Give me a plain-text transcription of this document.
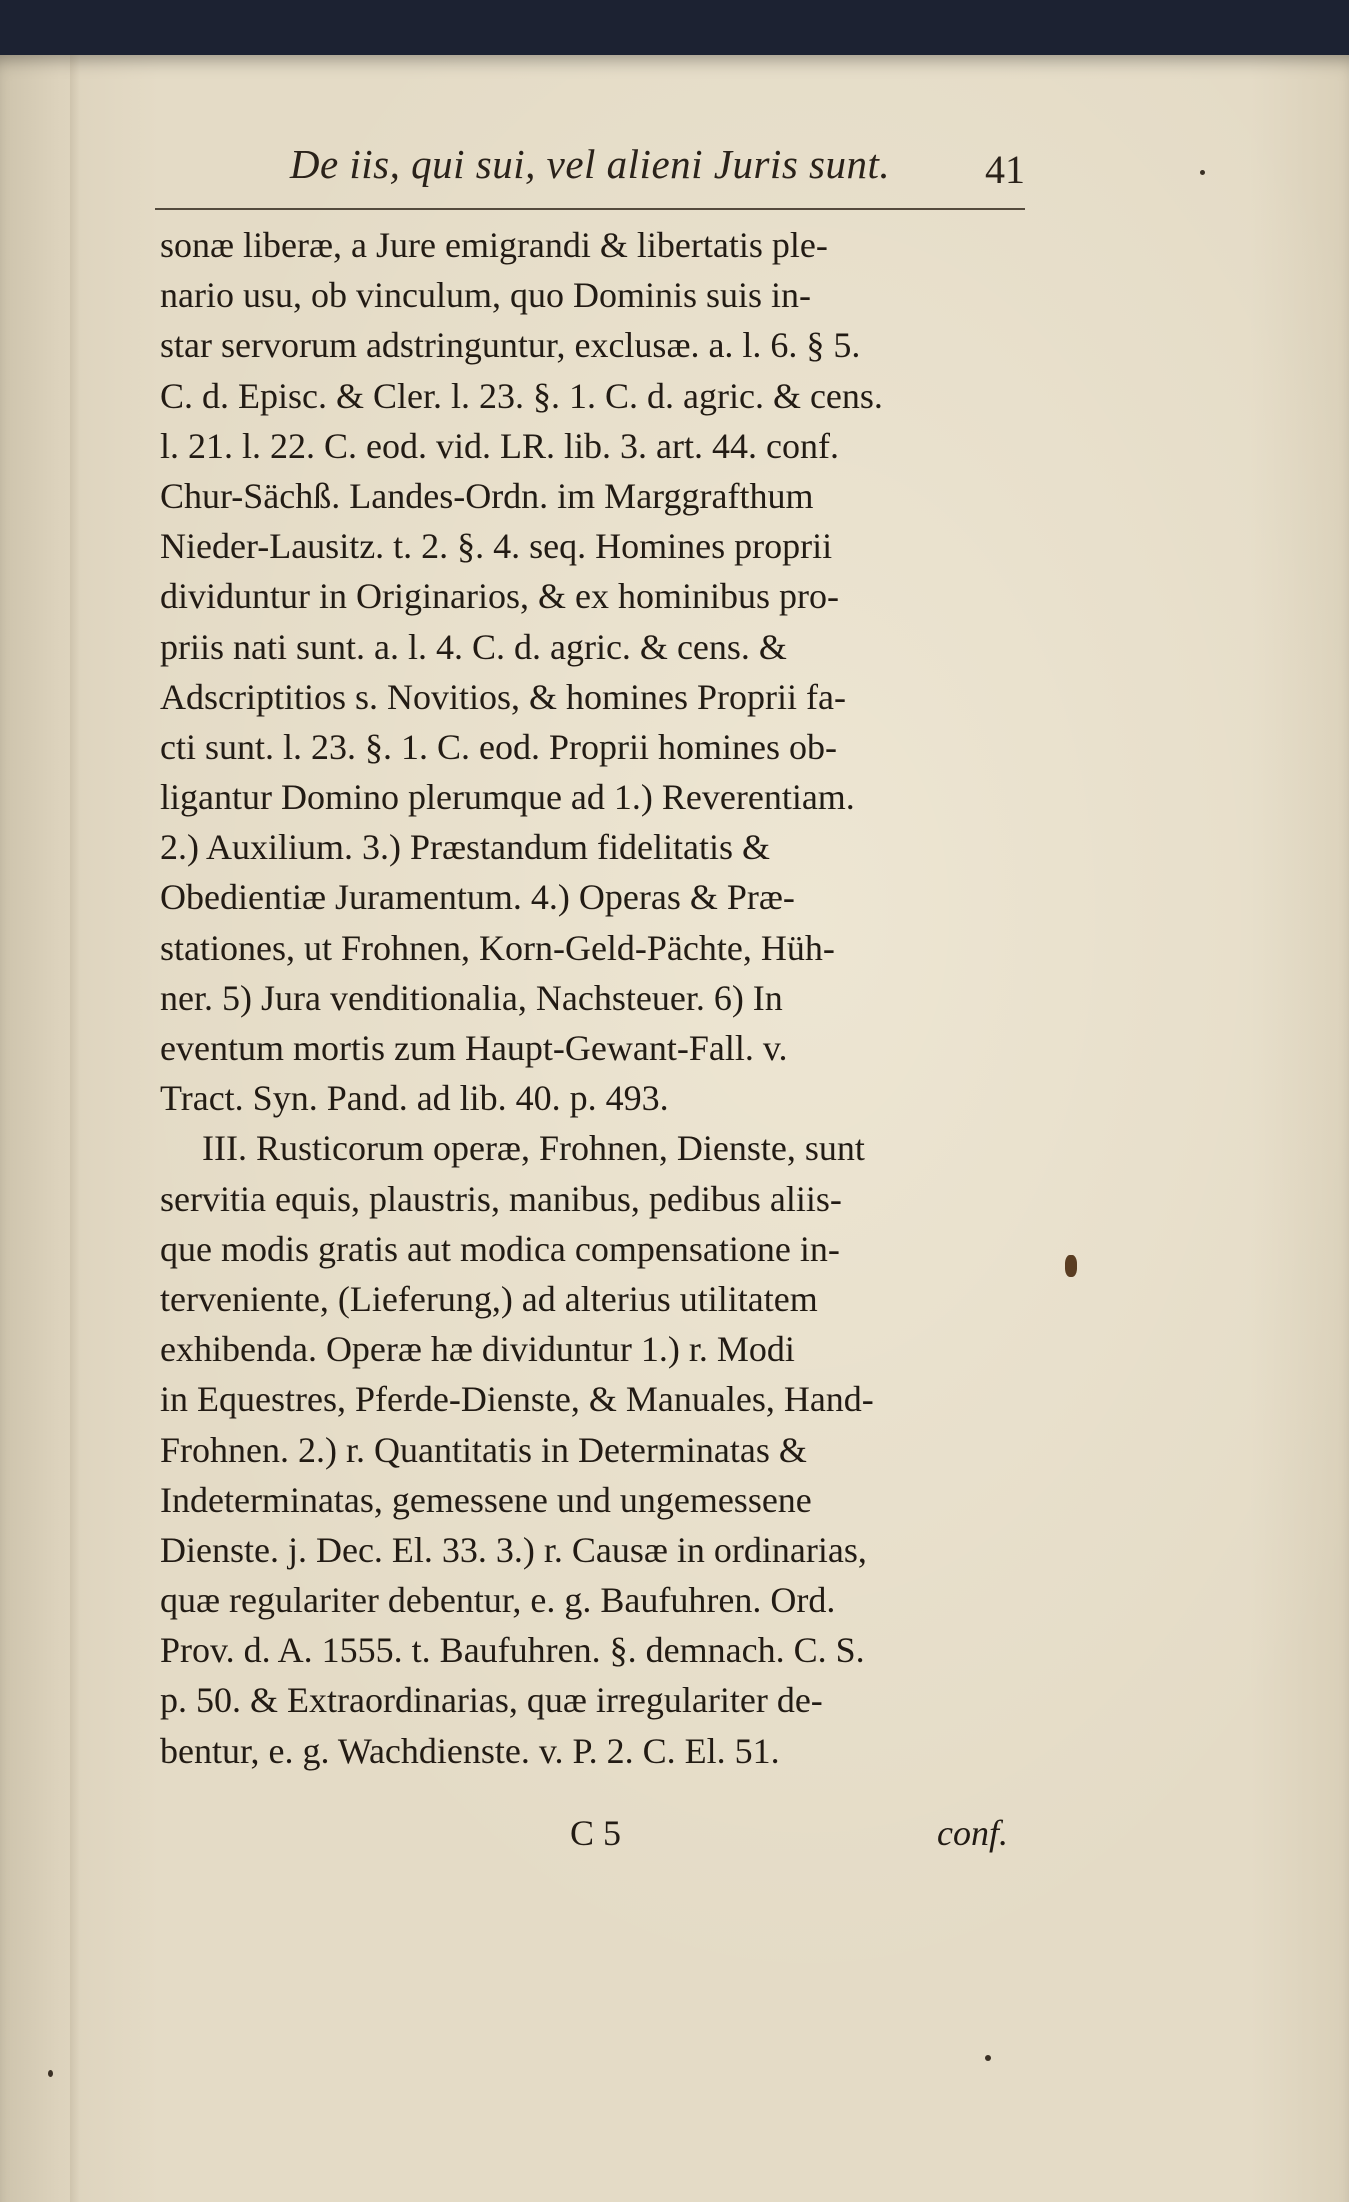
De iis, qui sui, vel alieni Juris sunt.	41
sonæ liberæ, a Jure emigrandi & libertatis ple-
nario usu, ob vinculum, quo Dominis suis in-
star servorum adstringuntur, exclusæ. a. l. 6. § 5.
C. d. Episc. & Cler. l. 23. §. 1. C. d. agric. & cens.
l. 21. l. 22. C. eod. vid. LR. lib. 3. art. 44. conf.
Chur-Sächß. Landes-Ordn. im Marggrafthum
Nieder-Lausitz. t. 2. §. 4. seq. Homines proprii
dividuntur in Originarios, & ex hominibus pro-
priis nati sunt. a. l. 4. C. d. agric. & cens. &
Adscriptitios s. Novitios, & homines Proprii fa-
cti sunt. l. 23. §. 1. C. eod. Proprii homines ob-
ligantur Domino plerumque ad 1.) Reverentiam.
2.) Auxilium. 3.) Præstandum fidelitatis &
Obedientiæ Juramentum. 4.) Operas & Præ-
stationes, ut Frohnen, Korn-Geld-Pächte, Hüh-
ner. 5) Jura venditionalia, Nachsteuer. 6) In
eventum mortis zum Haupt-Gewant-Fall. v.
Tract. Syn. Pand. ad lib. 40. p. 493.
III. Rusticorum operæ, Frohnen, Dienste, sunt
servitia equis, plaustris, manibus, pedibus aliis-
que modis gratis aut modica compensatione in-
terveniente, (Lieferung,) ad alterius utilitatem
exhibenda. Operæ hæ dividuntur 1.) r. Modi
in Equestres, Pferde-Dienste, & Manuales, Hand-
Frohnen. 2.) r. Quantitatis in Determinatas &
Indeterminatas, gemessene und ungemessene
Dienste. j. Dec. El. 33. 3.) r. Causæ in ordinarias,
quæ regulariter debentur, e. g. Baufuhren. Ord.
Prov. d. A. 1555. t. Baufuhren. §. demnach. C. S.
p. 50. & Extraordinarias, quæ irregulariter de-
bentur, e. g. Wachdienste. v. P. 2. C. El. 51.
C 5	conf.
